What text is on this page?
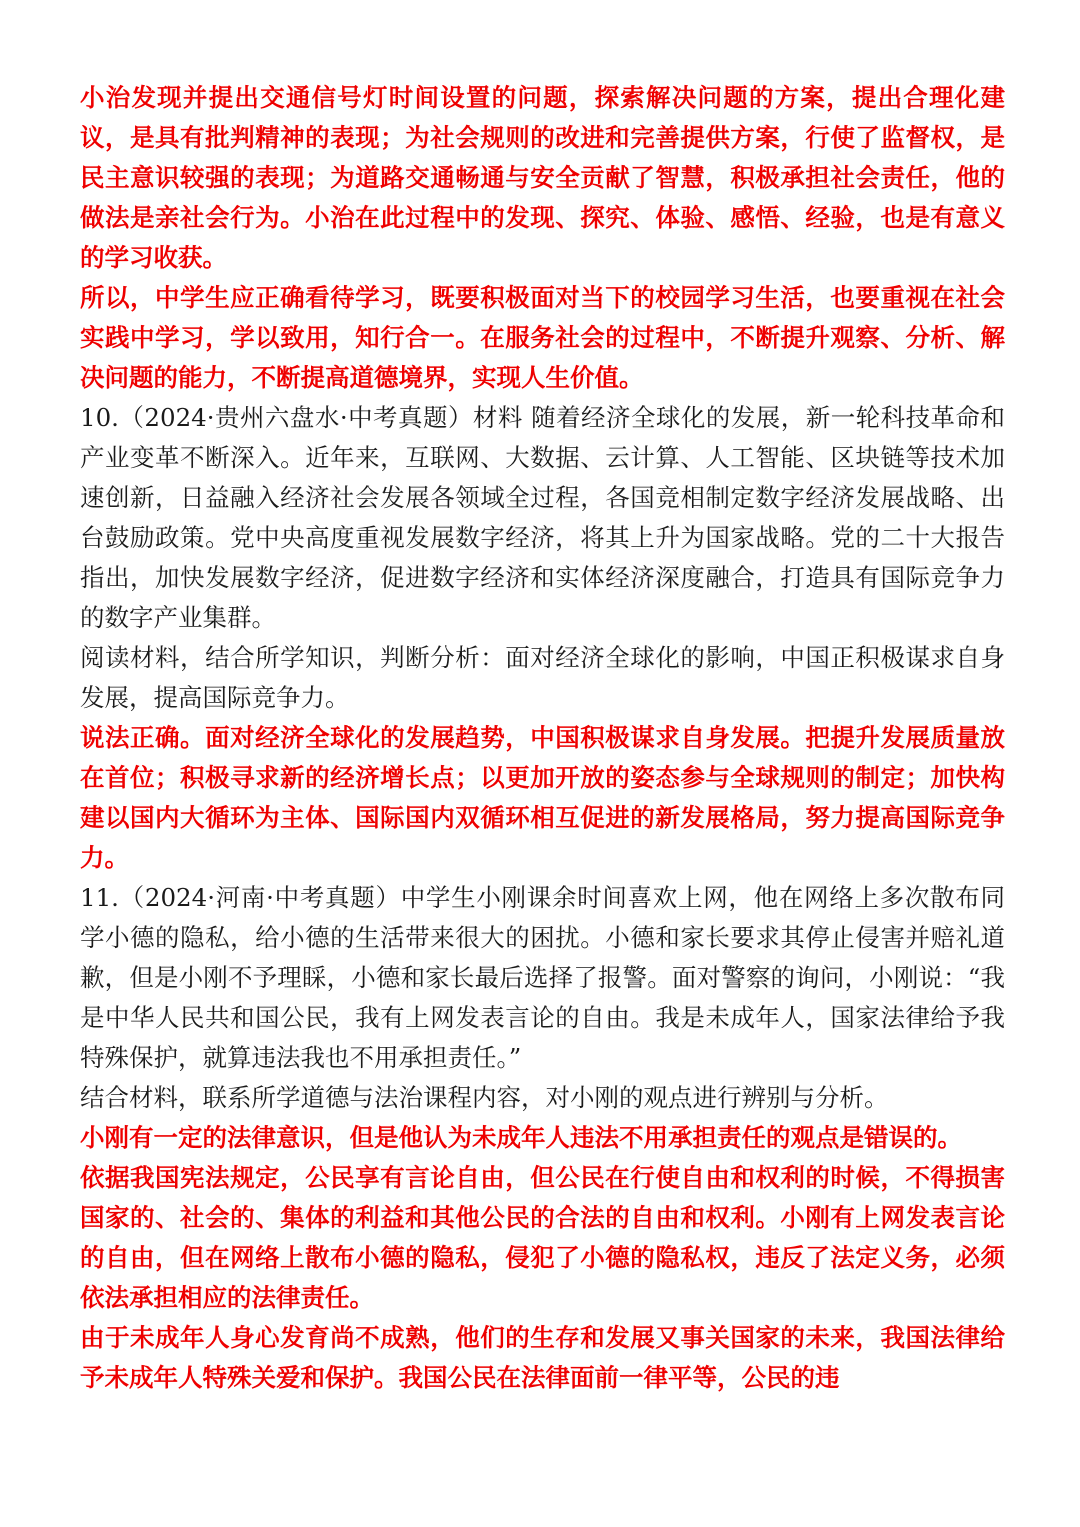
小治发现并提出交通信号灯时间设置的问题，探索解决问题的方案，提出合理化建议，是具有批判精神的表现；为社会规则的改进和完善提供方案，行使了监督权，是民主意识较强的表现；为道路交通畅通与安全贡献了智慧，积极承担社会责任，他的做法是亲社会行为。小治在此过程中的发现、探究、体验、感悟、经验，也是有意义的学习收获。

所以，中学生应正确看待学习，既要积极面对当下的校园学习生活，也要重视在社会实践中学习，学以致用，知行合一。在服务社会的过程中，不断提升观察、分析、解决问题的能力，不断提高道德境界，实现人生价值。

10.（2024·贵州六盘水·中考真题）材料 随着经济全球化的发展，新一轮科技革命和产业变革不断深入。近年来，互联网、大数据、云计算、人工智能、区块链等技术加速创新，日益融入经济社会发展各领域全过程，各国竞相制定数字经济发展战略、出台鼓励政策。党中央高度重视发展数字经济，将其上升为国家战略。党的二十大报告指出，加快发展数字经济，促进数字经济和实体经济深度融合，打造具有国际竞争力的数字产业集群。

阅读材料，结合所学知识，判断分析：面对经济全球化的影响，中国正积极谋求自身发展，提高国际竞争力。

说法正确。面对经济全球化的发展趋势，中国积极谋求自身发展。把提升发展质量放在首位；积极寻求新的经济增长点；以更加开放的姿态参与全球规则的制定；加快构建以国内大循环为主体、国际国内双循环相互促进的新发展格局，努力提高国际竞争力。

11.（2024·河南·中考真题）中学生小刚课余时间喜欢上网，他在网络上多次散布同学小德的隐私，给小德的生活带来很大的困扰。小德和家长要求其停止侵害并赔礼道歉，但是小刚不予理睬，小德和家长最后选择了报警。面对警察的询问，小刚说：“我是中华人民共和国公民，我有上网发表言论的自由。我是未成年人，国家法律给予我特殊保护，就算违法我也不用承担责任。”

结合材料，联系所学道德与法治课程内容，对小刚的观点进行辨别与分析。

小刚有一定的法律意识，但是他认为未成年人违法不用承担责任的观点是错误的。

依据我国宪法规定，公民享有言论自由，但公民在行使自由和权利的时候，不得损害国家的、社会的、集体的利益和其他公民的合法的自由和权利。小刚有上网发表言论的自由，但在网络上散布小德的隐私，侵犯了小德的隐私权，违反了法定义务，必须依法承担相应的法律责任。

由于未成年人身心发育尚不成熟，他们的生存和发展又事关国家的未来，我国法律给予未成年人特殊关爱和保护。我国公民在法律面前一律平等，公民的违
